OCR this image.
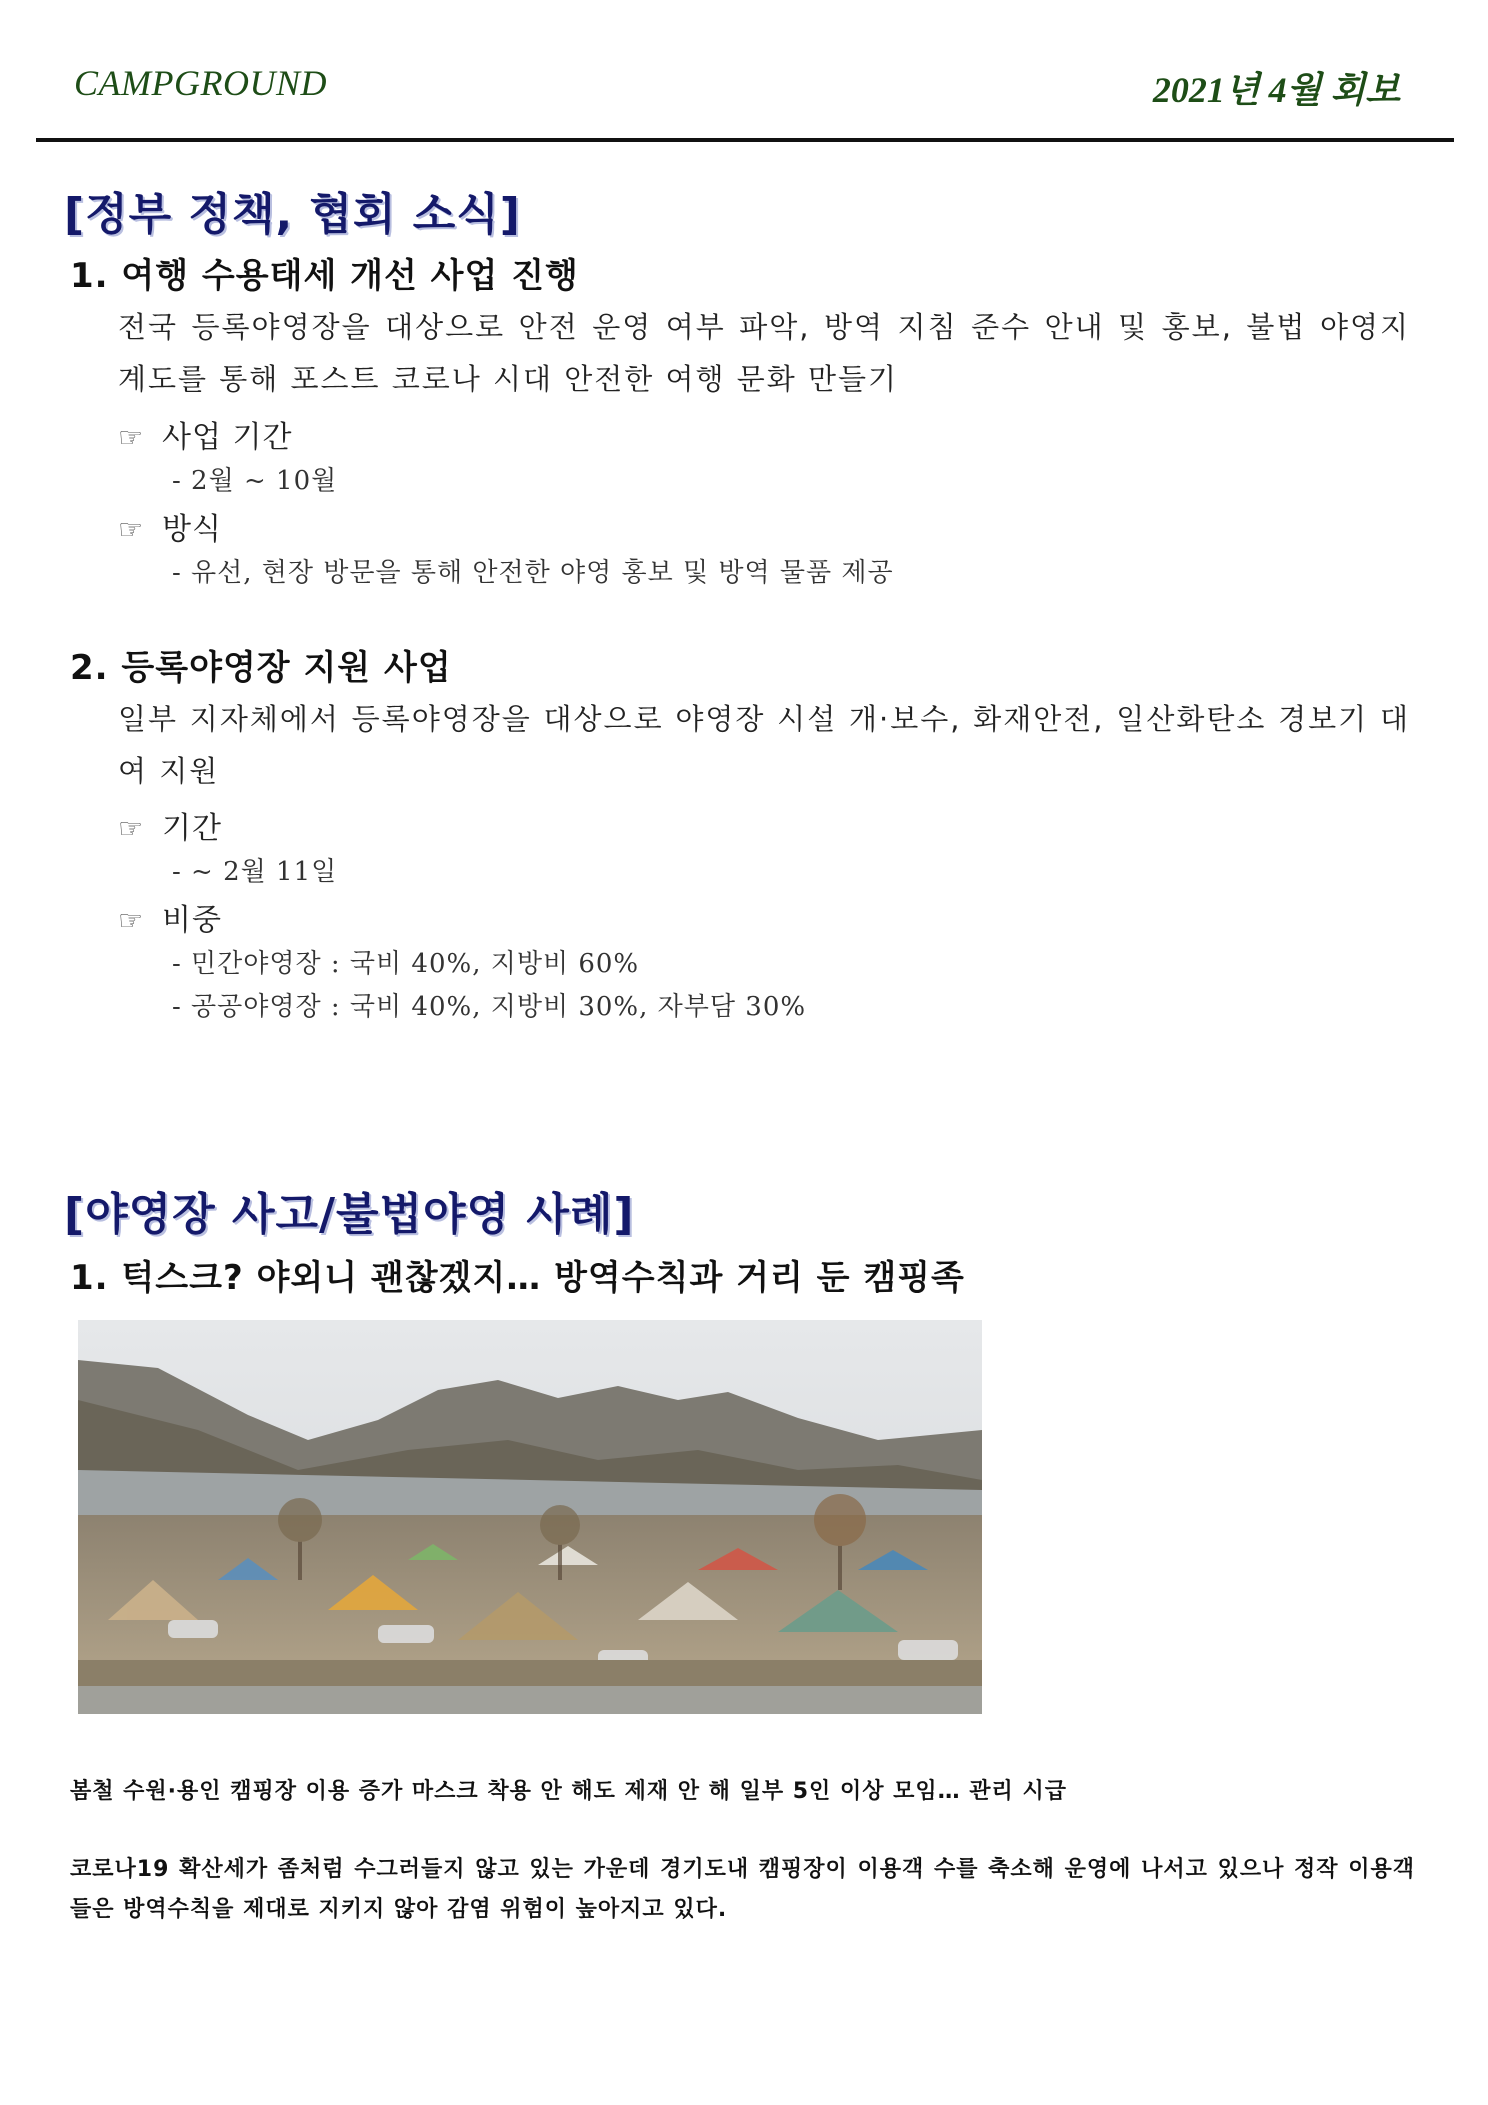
CAMPGROUND	2021년 4월 회보
[정부 정책, 협회 소식]
1. 여행 수용태세 개선 사업 진행
전국 등록야영장을 대상으로 안전 운영 여부 파악, 방역 지침 준수 안내 및 홍보, 불법 야영지 계도를 통해 포스트 코로나 시대 안전한 여행 문화 만들기
☞ 사업 기간
- 2월 ~ 10월
☞ 방식
- 유선, 현장 방문을 통해 안전한 야영 홍보 및 방역 물품 제공
2. 등록야영장 지원 사업
일부 지자체에서 등록야영장을 대상으로 야영장 시설 개·보수, 화재안전, 일산화탄소 경보기 대여 지원
☞ 기간
- ~ 2월 11일
☞ 비중
- 민간야영장 : 국비 40%, 지방비 60%
- 공공야영장 : 국비 40%, 지방비 30%, 자부담 30%
[야영장 사고/불법야영 사례]
1. 턱스크? 야외니 괜찮겠지… 방역수칙과 거리 둔 캠핑족
봄철 수원·용인 캠핑장 이용 증가 마스크 착용 안 해도 제재 안 해 일부 5인 이상 모임… 관리 시급
코로나19 확산세가 좀처럼 수그러들지 않고 있는 가운데 경기도내 캠핑장이 이용객 수를 축소해 운영에 나서고 있으나 정작 이용객들은 방역수칙을 제대로 지키지 않아 감염 위험이 높아지고 있다.
